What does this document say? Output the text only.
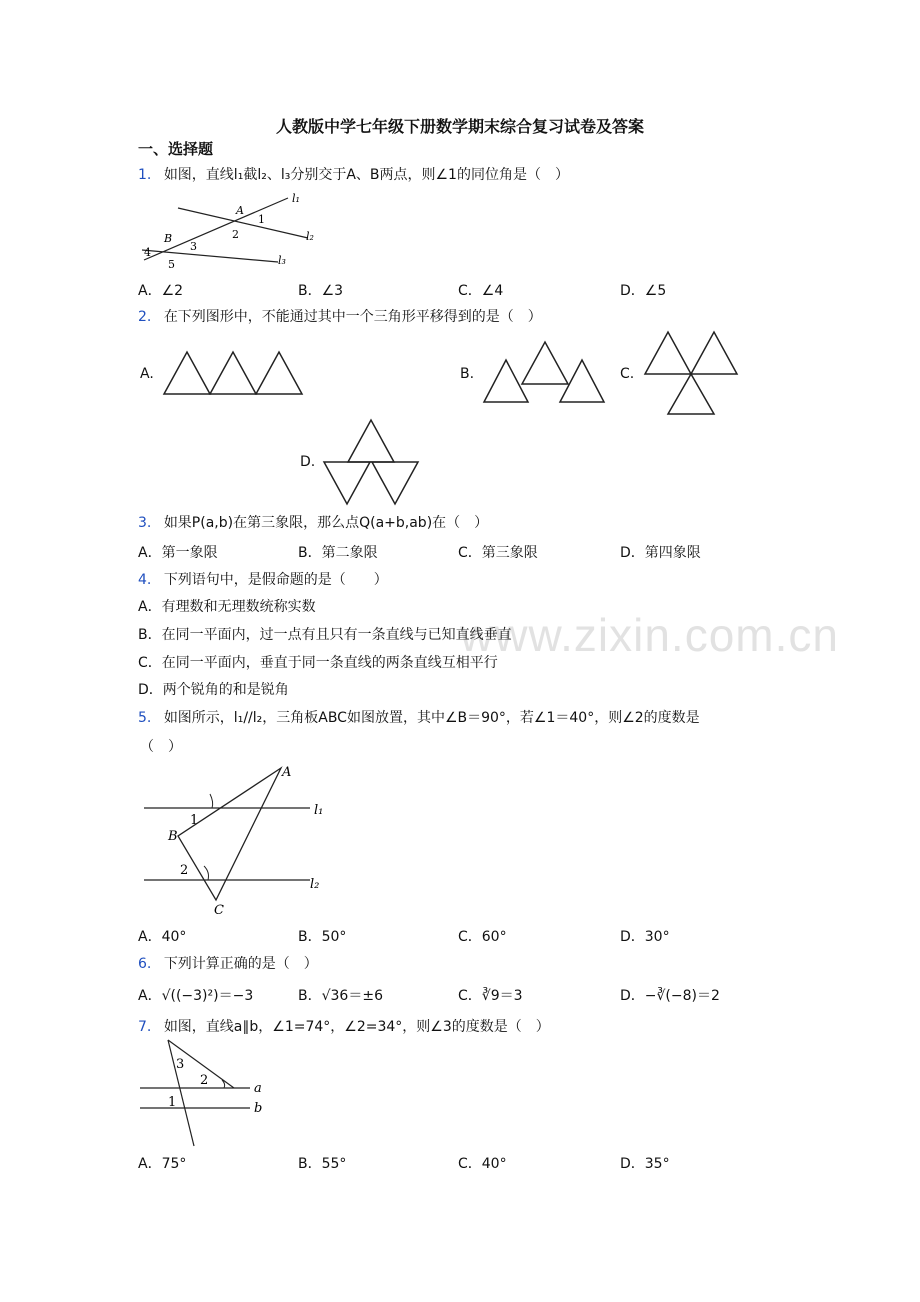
www.zixin.com.cn
人教版中学七年级下册数学期末综合复习试卷及答案
一、选择题
1. 如图，直线l₁截l₂、l₃分别交于A、B两点，则∠1的同位角是（　）
A
1
2
l₁
l₂
l₃
B
3
4
5
A．∠2	B．∠3	C．∠4	D．∠5
2. 在下列图形中，不能通过其中一个三角形平移得到的是（　）
A.	B.	C.
D.
3. 如果P(a,b)在第三象限，那么点Q(a+b,ab)在（　）
A．第一象限	B．第二象限	C．第三象限	D．第四象限
4. 下列语句中，是假命题的是（　　）
A．有理数和无理数统称实数
B．在同一平面内，过一点有且只有一条直线与已知直线垂直
C．在同一平面内，垂直于同一条直线的两条直线互相平行
D．两个锐角的和是锐角
5. 如图所示，l₁//l₂，三角板ABC如图放置，其中∠B＝90°，若∠1＝40°，则∠2的度数是
（　）
A
B
C
l₁
l₂
1
2
A．40°	B．50°	C．60°	D．30°
6. 下列计算正确的是（　）
A．√((−3)²)＝−3	B．√36＝±6	C．∛9＝3	D．−∛(−8)＝2
7. 如图，直线a∥b，∠1=74°，∠2=34°，则∠3的度数是（　）
3
2
1
a
b
A．75°	B．55°	C．40°	D．35°
